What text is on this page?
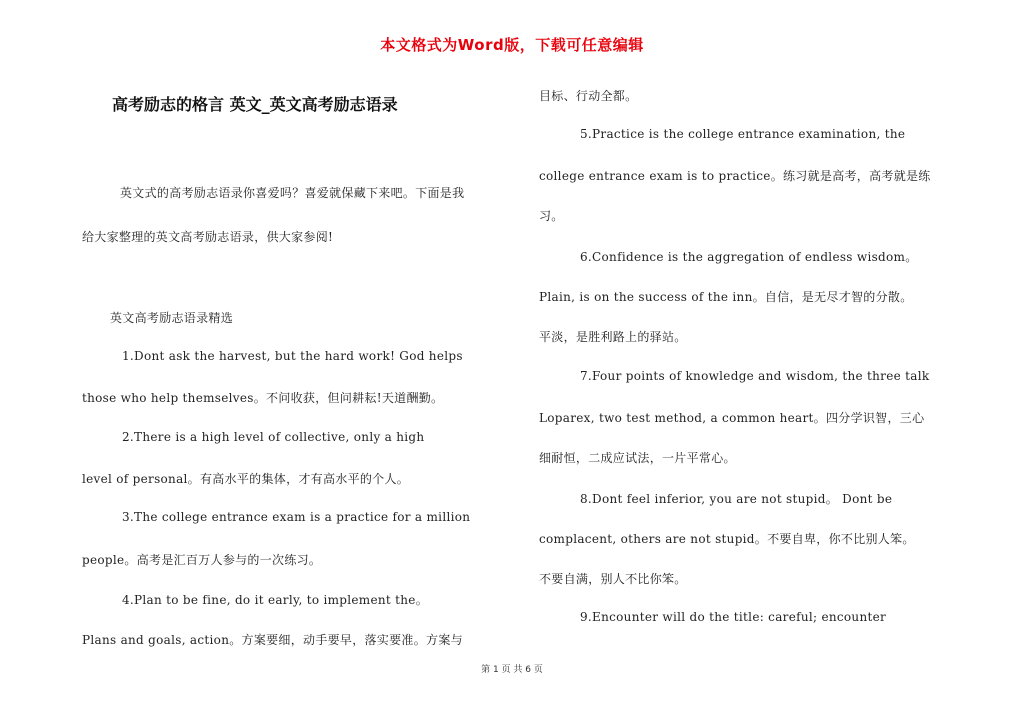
本文格式为Word版，下载可任意编辑
高考励志的格言 英文_英文高考励志语录
英文式的高考励志语录你喜爱吗？喜爱就保藏下来吧。下面是我
给大家整理的英文高考励志语录，供大家参阅!
英文高考励志语录精选
1.Dont ask the harvest, but the hard work! God helps
those who help themselves。不问收获，但问耕耘!天道酬勤。
2.There is a high level of collective, only a high
level of personal。有高水平的集体，才有高水平的个人。
3.The college entrance exam is a practice for a million
people。高考是汇百万人参与的一次练习。
4.Plan to be fine, do it early, to implement the。
Plans and goals, action。方案要细，动手要早，落实要准。方案与
目标、行动全都。
5.Practice is the college entrance examination, the
college entrance exam is to practice。练习就是高考，高考就是练
习。
6.Confidence is the aggregation of endless wisdom。
Plain, is on the success of the inn。自信，是无尽才智的分散。
平淡，是胜利路上的驿站。
7.Four points of knowledge and wisdom, the three talk
Loparex, two test method, a common heart。四分学识智，三心
细耐恒，二成应试法，一片平常心。
8.Dont feel inferior, you are not stupid。 Dont be
complacent, others are not stupid。不要自卑，你不比别人笨。
不要自满，别人不比你笨。
9.Encounter will do the title: careful; encounter
第 1 页 共 6 页
